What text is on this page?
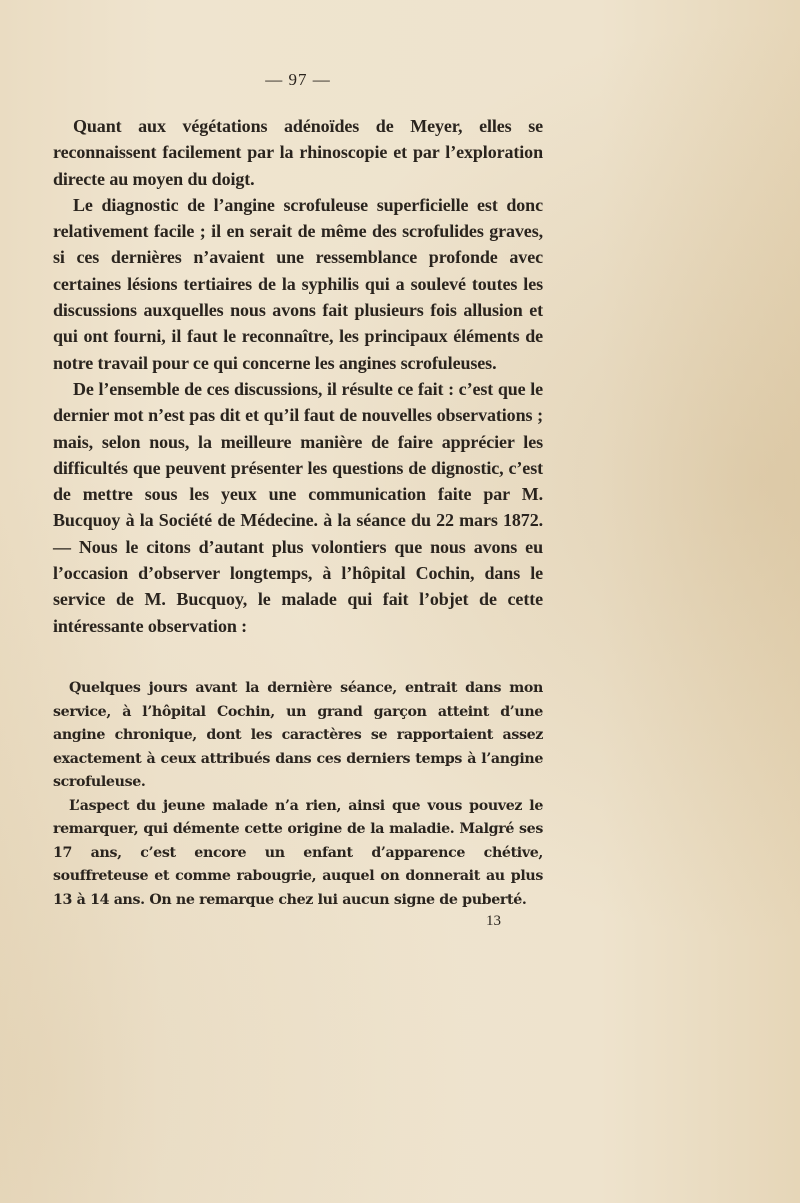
— 97 —

Quant aux végétations adénoïdes de Meyer, elles se reconnaissent facilement par la rhinoscopie et par l’exploration directe au moyen du doigt.

Le diagnostic de l’angine scrofuleuse superficielle est donc relativement facile ; il en serait de même des scrofulides graves, si ces dernières n’avaient une ressemblance profonde avec certaines lésions tertiaires de la syphilis qui a soulevé toutes les discussions auxquelles nous avons fait plusieurs fois allusion et qui ont fourni, il faut le reconnaître, les principaux éléments de notre travail pour ce qui concerne les angines scrofuleuses.

De l’ensemble de ces discussions, il résulte ce fait : c’est que le dernier mot n’est pas dit et qu’il faut de nouvelles observations ; mais, selon nous, la meilleure manière de faire apprécier les difficultés que peuvent présenter les questions de dignostic, c’est de mettre sous les yeux une communication faite par M. Bucquoy à la Société de Médecine. à la séance du 22 mars 1872. — Nous le citons d’autant plus volontiers que nous avons eu l’occasion d’observer longtemps, à l’hôpital Cochin, dans le service de M. Bucquoy, le malade qui fait l’objet de cette intéressante observation :

Quelques jours avant la dernière séance, entrait dans mon service, à l’hôpital Cochin, un grand garçon atteint d’une angine chronique, dont les caractères se rapportaient assez exactement à ceux attribués dans ces derniers temps à l’angine scrofuleuse.

L’aspect du jeune malade n’a rien, ainsi que vous pouvez le remarquer, qui démente cette origine de la maladie. Malgré ses 17 ans, c’est encore un enfant d’apparence chétive, souffreteuse et comme rabougrie, auquel on donnerait au plus 13 à 14 ans. On ne remarque chez lui aucun signe de puberté.

13
